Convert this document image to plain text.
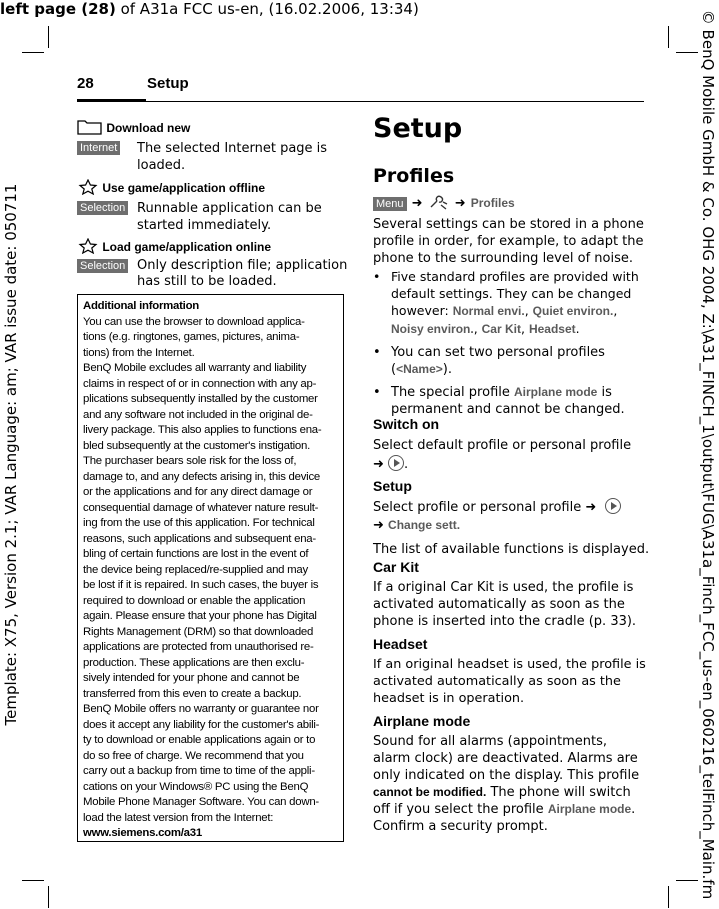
left page (28) of A31a FCC us-en, (16.02.2006, 13:34)
Template: X75, Version 2.1; VAR Language: am; VAR issue date: 050711	© BenQ Mobile GmbH & Co. OHG 2004, Z:\A31_FINCH_1\output\FUG\A31a_Finch_FCC_us-en_060216_telFinch_Main.fm
28	Setup
Download new
Internet The selected Internet page is
loaded.
Use game/application offline
Selection Runnable application can be
started immediately.
Load game/application online
Selection Only description file; application
has still to be loaded.
Additional information
You can use the browser to download applica-
tions (e.g. ringtones, games, pictures, anima-
tions) from the Internet.
BenQ Mobile excludes all warranty and liability
claims in respect of or in connection with any ap-
plications subsequently installed by the customer
and any software not included in the original de-
livery package. This also applies to functions ena-
bled subsequently at the customer's instigation.
The purchaser bears sole risk for the loss of,
damage to, and any defects arising in, this device
or the applications and for any direct damage or
consequential damage of whatever nature result-
ing from the use of this application. For technical
reasons, such applications and subsequent ena-
bling of certain functions are lost in the event of
the device being replaced/re-supplied and may
be lost if it is repaired. In such cases, the buyer is
required to download or enable the application
again. Please ensure that your phone has Digital
Rights Management (DRM) so that downloaded
applications are protected from unauthorised re-
production. These applications are then exclu-
sively intended for your phone and cannot be
transferred from this even to create a backup.
BenQ Mobile offers no warranty or guarantee nor
does it accept any liability for the customer's abili-
ty to download or enable applications again or to
do so free of charge. We recommend that you
carry out a backup from time to time of the appli-
cations on your Windows® PC using the BenQ
Mobile Phone Manager Software. You can down-
load the latest version from the Internet:
www.siemens.com/a31
Setup
Profiles
Menu ➜ ➜ Profiles
Several settings can be stored in a phone
profile in order, for example, to adapt the
phone to the surrounding level of noise.
• Five standard profiles are provided with
default settings. They can be changed
however: Normal envi., Quiet environ.,
Noisy environ., Car Kit, Headset.
• You can set two personal profiles
(<Name>).
• The special profile Airplane mode is
permanent and cannot be changed.
Switch on
Select default profile or personal profile
➜ .
Setup
Select profile or personal profile ➜
➜ Change sett.
The list of available functions is displayed.
Car Kit
If a original Car Kit is used, the profile is
activated automatically as soon as the
phone is inserted into the cradle (p. 33).
Headset
If an original headset is used, the profile is
activated automatically as soon as the
headset is in operation.
Airplane mode
Sound for all alarms (appointments,
alarm clock) are deactivated. Alarms are
only indicated on the display. This profile
cannot be modified. The phone will switch
off if you select the profile Airplane mode.
Confirm a security prompt.
